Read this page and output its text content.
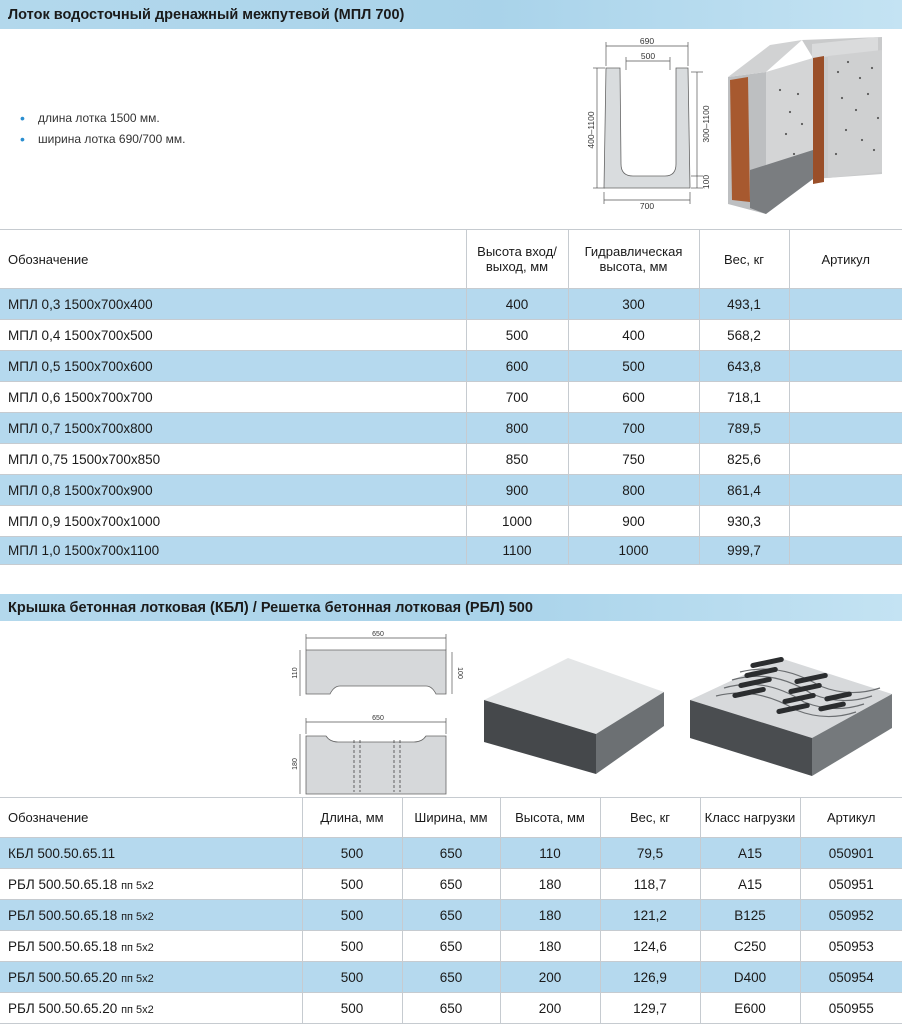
Лоток водосточный дренажный межпутевой (МПЛ 700)
• длина лотка 1500 мм.
• ширина лотка 690/700 мм.
690
500
700
400–1100	300–1100
100
Обозначение	Высота вход/выход, мм	Гидравлическая высота, мм	Вес, кг	Артикул
МПЛ 0,3 1500х700х400	400	300	493,1	
МПЛ 0,4 1500х700х500	500	400	568,2	
МПЛ 0,5 1500х700х600	600	500	643,8	
МПЛ 0,6 1500х700х700	700	600	718,1	
МПЛ 0,7 1500х700х800	800	700	789,5	
МПЛ 0,75 1500х700х850	850	750	825,6	
МПЛ 0,8 1500х700х900	900	800	861,4	
МПЛ 0,9 1500х700х1000	1000	900	930,3	
МПЛ 1,0 1500х700х1100	1100	1000	999,7	
Крышка бетонная лотковая (КБЛ) / Решетка бетонная лотковая (РБЛ) 500
650
110	100
650
180
Обозначение	Длина, мм	Ширина, мм	Высота, мм	Вес, кг	Класс нагрузки	Артикул
КБЛ 500.50.65.11	500	650	110	79,5	A15	050901
РБЛ 500.50.65.18 пп 5х2	500	650	180	118,7	A15	050951
РБЛ 500.50.65.18 пп 5х2	500	650	180	121,2	B125	050952
РБЛ 500.50.65.18 пп 5х2	500	650	180	124,6	C250	050953
РБЛ 500.50.65.20 пп 5х2	500	650	200	126,9	D400	050954
РБЛ 500.50.65.20 пп 5х2	500	650	200	129,7	E600	050955
